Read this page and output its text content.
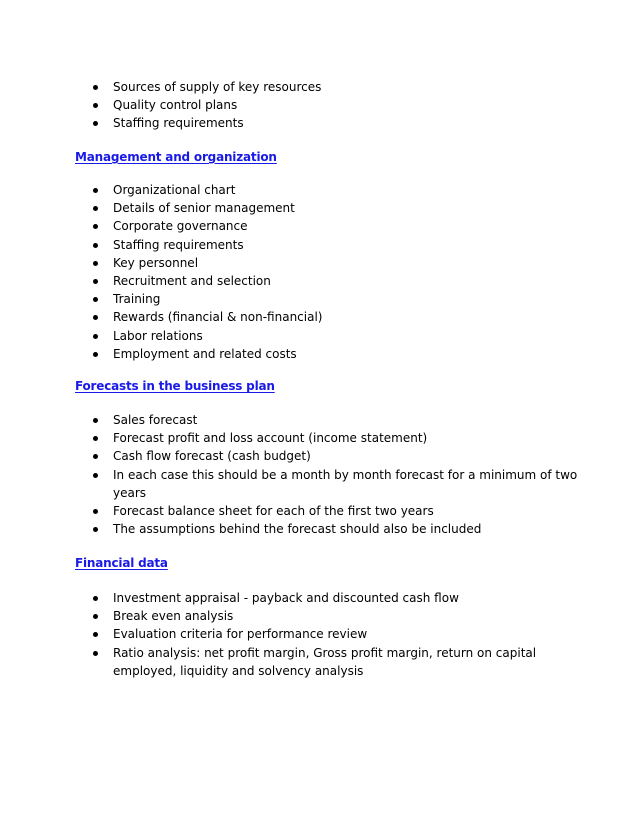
Sources of supply of key resources
Quality control plans
Staffing requirements
Management and organization
Organizational chart
Details of senior management
Corporate governance
Staffing requirements
Key personnel
Recruitment and selection
Training
Rewards (financial & non-financial)
Labor relations
Employment and related costs
Forecasts in the business plan
Sales forecast
Forecast profit and loss account (income statement)
Cash flow forecast (cash budget)
In each case this should be a month by month forecast for a minimum of two years
Forecast balance sheet for each of the first two years
The assumptions behind the forecast should also be included
Financial data
Investment appraisal - payback and discounted cash flow
Break even analysis
Evaluation criteria for performance review
Ratio analysis: net profit margin, Gross profit margin, return on capital employed, liquidity and solvency analysis
